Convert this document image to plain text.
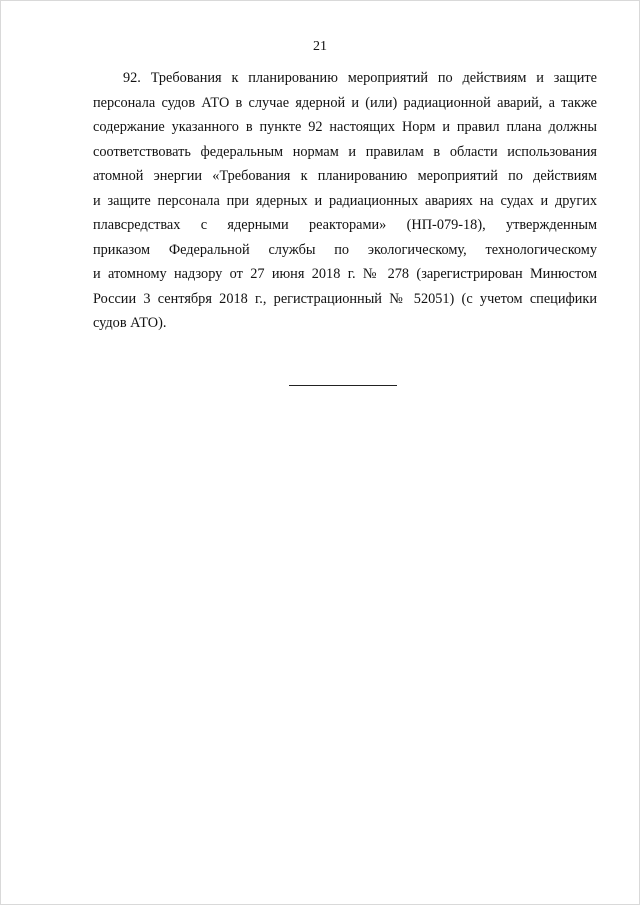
21
92. Требования к планированию мероприятий по действиям и защите
персонала судов АТО в случае ядерной и (или) радиационной аварий, а также
содержание указанного в пункте 92 настоящих Норм и правил плана должны
соответствовать федеральным нормам и правилам в области использования
атомной энергии «Требования к планированию мероприятий по действиям
и защите персонала при ядерных и радиационных авариях на судах и других
плавсредствах с ядерными реакторами» (НП-079-18), утвержденным
приказом Федеральной службы по экологическому, технологическому
и атомному надзору от 27 июня 2018 г. № 278 (зарегистрирован Минюстом
России 3 сентября 2018 г., регистрационный № 52051) (с учетом специфики
судов АТО).
